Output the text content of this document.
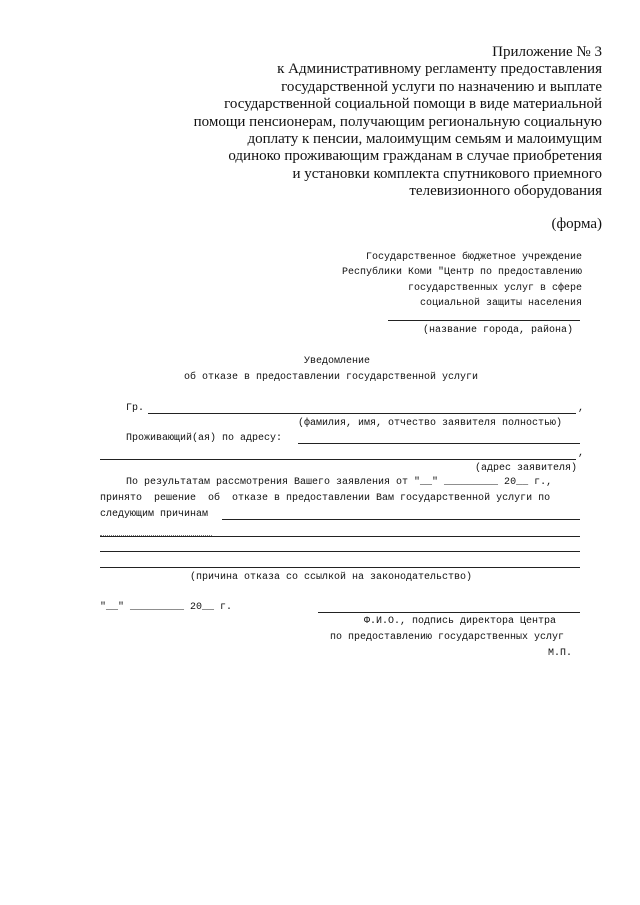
Приложение № 3
к Административному регламенту предоставления
государственной услуги по назначению и выплате
государственной социальной помощи в виде материальной
помощи пенсионерам, получающим региональную социальную
доплату к пенсии, малоимущим семьям и малоимущим
одиноко проживающим гражданам в случае приобретения
и установки комплекта спутникового приемного
телевизионного оборудования
(форма)
Государственное бюджетное учреждение
Республики Коми "Центр по предоставлению
государственных услуг в сфере
социальной защиты населения
(название города, района)
Уведомление
об отказе в предоставлении государственной услуги
Гр.	,
(фамилия, имя, отчество заявителя полностью)
Проживающий(ая) по адресу:
,
(адрес заявителя)
По результатам рассмотрения Вашего заявления от "__" _________ 20__ г.,
принято  решение  об  отказе в предоставлении Вам государственной услуги по
следующим причинам
(причина отказа со ссылкой на законодательство)
"__" _________ 20__ г.
Ф.И.О., подпись директора Центра
по предоставлению государственных услуг
М.П.
